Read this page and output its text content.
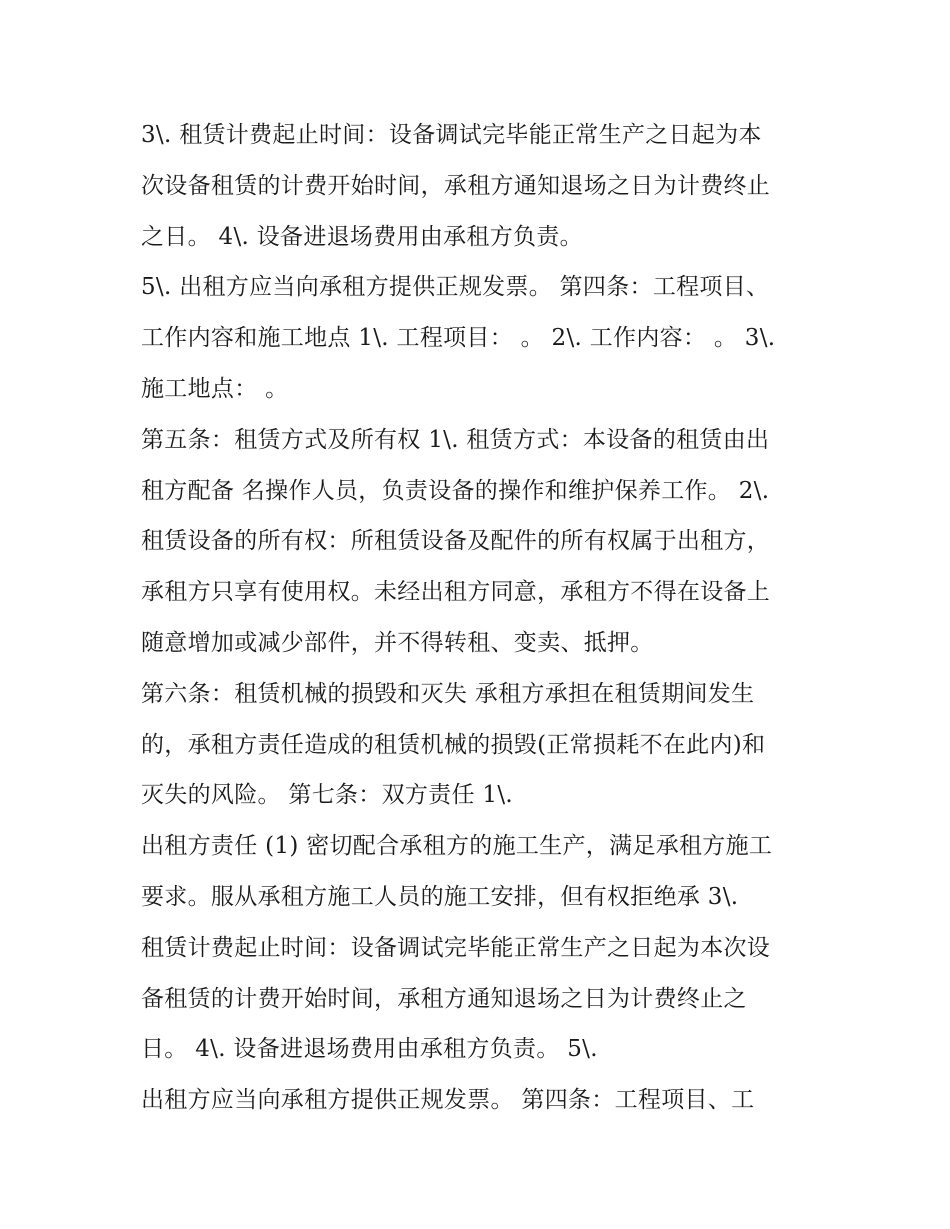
3\. 租赁计费起止时间：设备调试完毕能正常生产之日起为本
次设备租赁的计费开始时间，承租方通知退场之日为计费终止
之日。 4\. 设备进退场费用由承租方负责。
5\. 出租方应当向承租方提供正规发票。 第四条：工程项目、
工作内容和施工地点 1\. 工程项目： 。 2\. 工作内容： 。 3\.
施工地点： 。
第五条：租赁方式及所有权 1\. 租赁方式：本设备的租赁由出
租方配备 名操作人员，负责设备的操作和维护保养工作。 2\.
租赁设备的所有权：所租赁设备及配件的所有权属于出租方，
承租方只享有使用权。未经出租方同意，承租方不得在设备上
随意增加或减少部件，并不得转租、变卖、抵押。
第六条：租赁机械的损毁和灭失 承租方承担在租赁期间发生
的，承租方责任造成的租赁机械的损毁(正常损耗不在此内)和
灭失的风险。 第七条：双方责任 1\.
出租方责任 (1) 密切配合承租方的施工生产，满足承租方施工
要求。服从承租方施工人员的施工安排，但有权拒绝承 3\.
租赁计费起止时间：设备调试完毕能正常生产之日起为本次设
备租赁的计费开始时间，承租方通知退场之日为计费终止之
日。 4\. 设备进退场费用由承租方负责。 5\.
出租方应当向承租方提供正规发票。 第四条：工程项目、工
